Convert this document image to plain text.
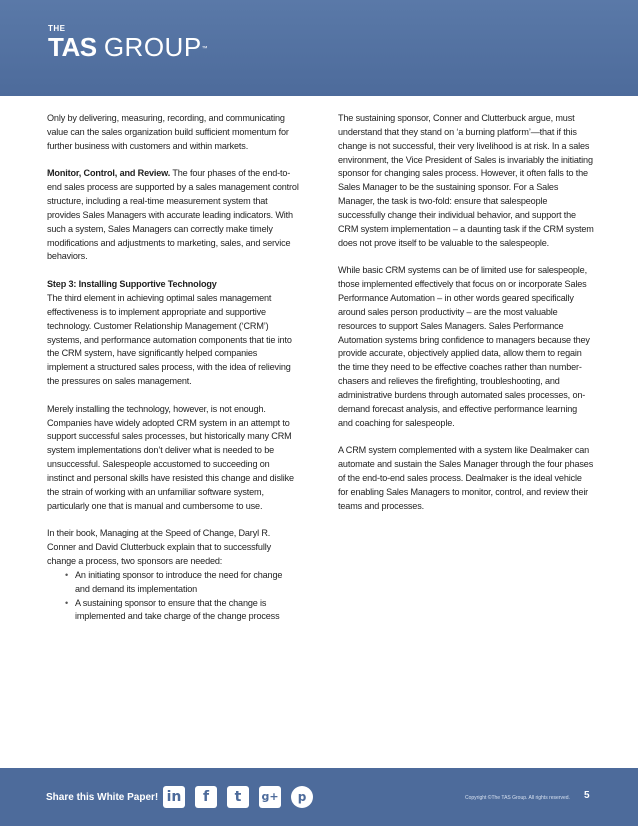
THE
TAS GROUP™

Only by delivering, measuring, recording, and communicating value can the sales organization build sufficient momentum for further business with customers and within markets.

Monitor, Control, and Review. The four phases of the end-to-end sales process are supported by a sales management control structure, including a real-time measurement system that provides Sales Managers with accurate leading indicators. With such a system, Sales Managers can correctly make timely modifications and adjustments to marketing, sales, and service behaviors.

Step 3: Installing Supportive Technology
The third element in achieving optimal sales management effectiveness is to implement appropriate and supportive technology. Customer Relationship Management (‘CRM’) systems, and performance automation components that tie into the CRM system, have significantly helped companies implement a structured sales process, with the idea of relieving the pressures on sales management.

Merely installing the technology, however, is not enough. Companies have widely adopted CRM system in an attempt to support successful sales processes, but historically many CRM system implementations don’t deliver what is needed to be unsuccessful. Salespeople accustomed to succeeding on instinct and personal skills have resisted this change and dislike the strain of working with an unfamiliar software system, particularly one that is manual and cumbersome to use.

In their book, Managing at the Speed of Change, Daryl R. Conner and David Clutterbuck explain that to successfully change a process, two sponsors are needed:

• An initiating sponsor to introduce the need for change and demand its implementation
• A sustaining sponsor to ensure that the change is implemented and take charge of the change process

The sustaining sponsor, Conner and Clutterbuck argue, must understand that they stand on ‘a burning platform’—that if this change is not successful, their very livelihood is at risk. In a sales environment, the Vice President of Sales is invariably the initiating sponsor for changing sales process. However, it often falls to the Sales Manager to be the sustaining sponsor. For a Sales Manager, the task is two-fold: ensure that salespeople successfully change their individual behavior, and support the CRM system implementation – a daunting task if the CRM system does not prove itself to be valuable to the salespeople.

While basic CRM systems can be of limited use for salespeople, those implemented effectively that focus on or incorporate Sales Performance Automation – in other words geared specifically around sales person productivity – are the most valuable resources to support Sales Managers. Sales Performance Automation systems bring confidence to managers because they provide accurate, objectively applied data, allow them to regain the time they need to be effective coaches rather than number-chasers and relieves the firefighting, troubleshooting, and administrative burdens through automated sales processes, on-demand forecast analysis, and effective performance learning and coaching for salespeople.

A CRM system complemented with a system like Dealmaker can automate and sustain the Sales Manager through the four phases of the end-to-end sales process. Dealmaker is the ideal vehicle for enabling Sales Managers to monitor, control, and review their teams and processes.

Share this White Paper! in	f	t	g+	p	Copyright ©The TAS Group. All rights reserved. 5
